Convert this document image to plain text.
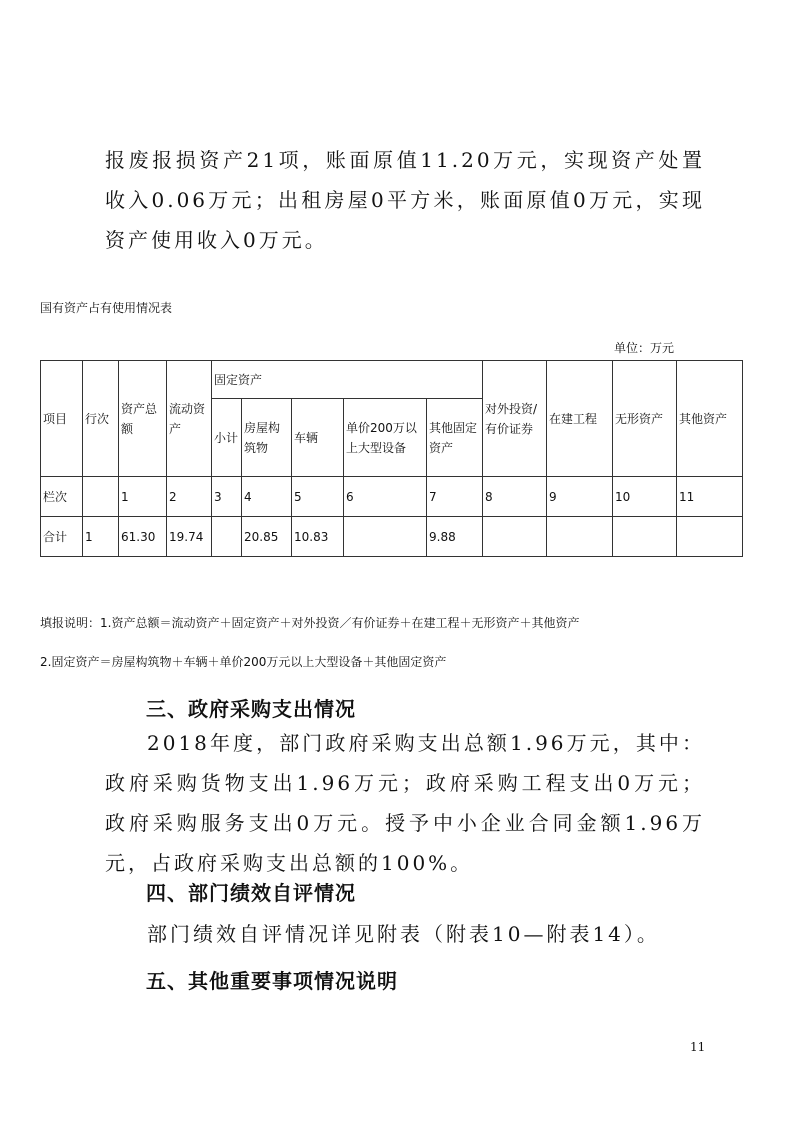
报废报损资产21项，账面原值11.20万元，实现资产处置收入0.06万元；出租房屋0平方米，账面原值0万元，实现资产使用收入0万元。

国有资产占有使用情况表
单位：万元
项目	行次	资产总额	流动资产	固定资产					对外投资/有价证券	在建工程	无形资产	其他资产
				小计	房屋构筑物	车辆	单价200万以上大型设备	其他固定资产				
栏次		1	2	3	4	5	6	7	8	9	10	11
合计	1	61.30	19.74		20.85	10.83		9.88				
填报说明：1.资产总额＝流动资产＋固定资产＋对外投资／有价证券＋在建工程＋无形资产＋其他资产
2.固定资产＝房屋构筑物＋车辆＋单价200万元以上大型设备＋其他固定资产
三、政府采购支出情况

2018年度，部门政府采购支出总额1.96万元，其中：政府采购货物支出1.96万元；政府采购工程支出0万元；政府采购服务支出0万元。授予中小企业合同金额1.96万元，占政府采购支出总额的100%。

四、部门绩效自评情况

部门绩效自评情况详见附表（附表10—附表14）。

五、其他重要事项情况说明
11
